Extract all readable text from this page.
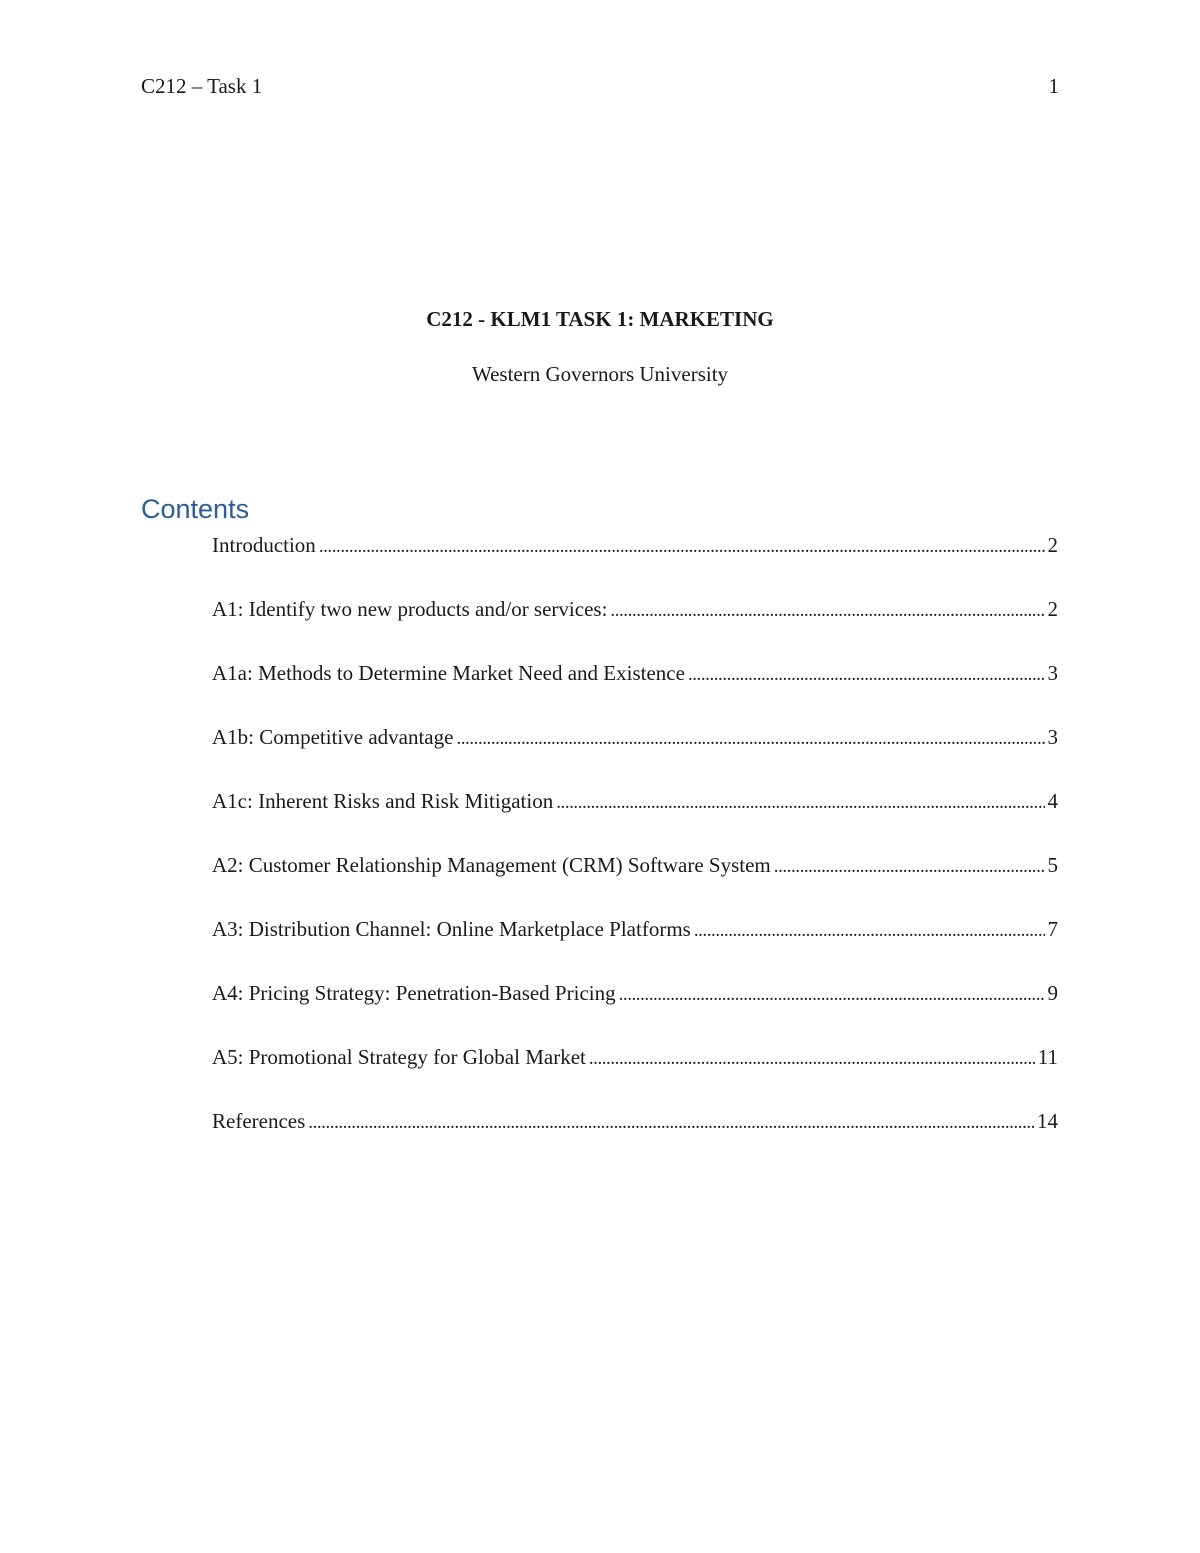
C212 – Task 1	1
C212 - KLM1 TASK 1: MARKETING
Western Governors University
Contents
Introduction . . .	2
A1: Identify two new products and/or services: . . .	2
A1a: Methods to Determine Market Need and Existence . . .	3
A1b: Competitive advantage . . .	3
A1c: Inherent Risks and Risk Mitigation . . .	4
A2: Customer Relationship Management (CRM) Software System . . .	5
A3: Distribution Channel: Online Marketplace Platforms . . .	7
A4: Pricing Strategy: Penetration-Based Pricing . . .	9
A5: Promotional Strategy for Global Market . . .	11
References . . .	14
